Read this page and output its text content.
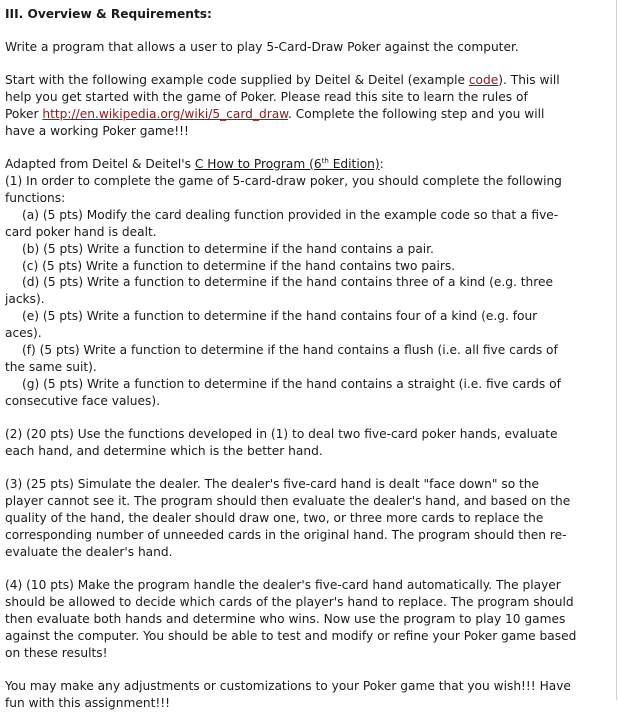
III. Overview & Requirements:
Write a program that allows a user to play 5-Card-Draw Poker against the computer.
Start with the following example code supplied by Deitel & Deitel (example code). This will
help you get started with the game of Poker. Please read this site to learn the rules of
Poker http://en.wikipedia.org/wiki/5_card_draw. Complete the following step and you will
have a working Poker game!!!
Adapted from Deitel & Deitel's C How to Program (6th Edition):
(1) In order to complete the game of 5-card-draw poker, you should complete the following
functions:
(a) (5 pts) Modify the card dealing function provided in the example code so that a five-
card poker hand is dealt.
(b) (5 pts) Write a function to determine if the hand contains a pair.
(c) (5 pts) Write a function to determine if the hand contains two pairs.
(d) (5 pts) Write a function to determine if the hand contains three of a kind (e.g. three
jacks).
(e) (5 pts) Write a function to determine if the hand contains four of a kind (e.g. four
aces).
(f) (5 pts) Write a function to determine if the hand contains a flush (i.e. all five cards of
the same suit).
(g) (5 pts) Write a function to determine if the hand contains a straight (i.e. five cards of
consecutive face values).
(2) (20 pts) Use the functions developed in (1) to deal two five-card poker hands, evaluate
each hand, and determine which is the better hand.
(3) (25 pts) Simulate the dealer. The dealer's five-card hand is dealt "face down" so the
player cannot see it. The program should then evaluate the dealer's hand, and based on the
quality of the hand, the dealer should draw one, two, or three more cards to replace the
corresponding number of unneeded cards in the original hand. The program should then re-
evaluate the dealer's hand.
(4) (10 pts) Make the program handle the dealer's five-card hand automatically. The player
should be allowed to decide which cards of the player's hand to replace. The program should
then evaluate both hands and determine who wins. Now use the program to play 10 games
against the computer. You should be able to test and modify or refine your Poker game based
on these results!
You may make any adjustments or customizations to your Poker game that you wish!!! Have
fun with this assignment!!!
